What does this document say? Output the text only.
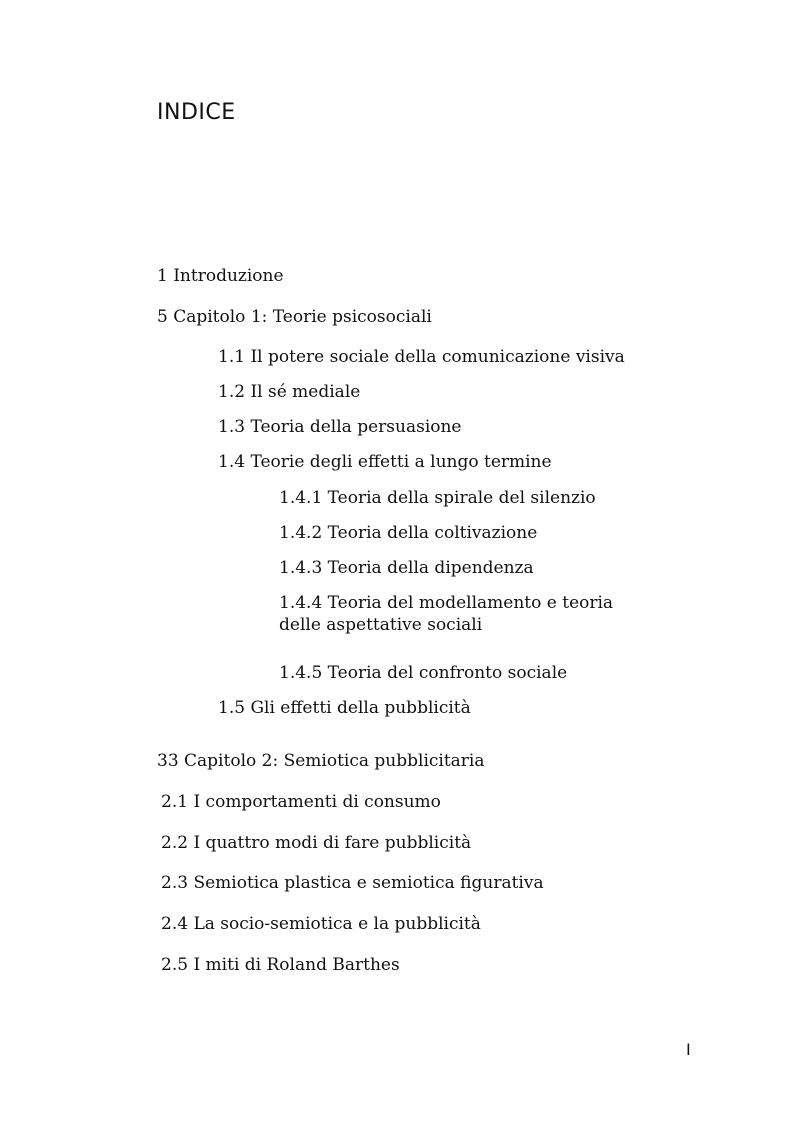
INDICE
1 Introduzione
5 Capitolo 1: Teorie psicosociali
1.1 Il potere sociale della comunicazione visiva
1.2 Il sé mediale
1.3 Teoria della persuasione
1.4 Teorie degli effetti a lungo termine
1.4.1 Teoria della spirale del silenzio
1.4.2 Teoria della coltivazione
1.4.3 Teoria della dipendenza
1.4.4 Teoria del modellamento e teoria delle aspettative sociali
1.4.5 Teoria del confronto sociale
1.5 Gli effetti della pubblicità
33 Capitolo 2: Semiotica pubblicitaria
2.1 I comportamenti di consumo
2.2 I quattro modi di fare pubblicità
2.3 Semiotica plastica e semiotica figurativa
2.4 La socio-semiotica e la pubblicità
2.5 I miti di Roland Barthes
I
